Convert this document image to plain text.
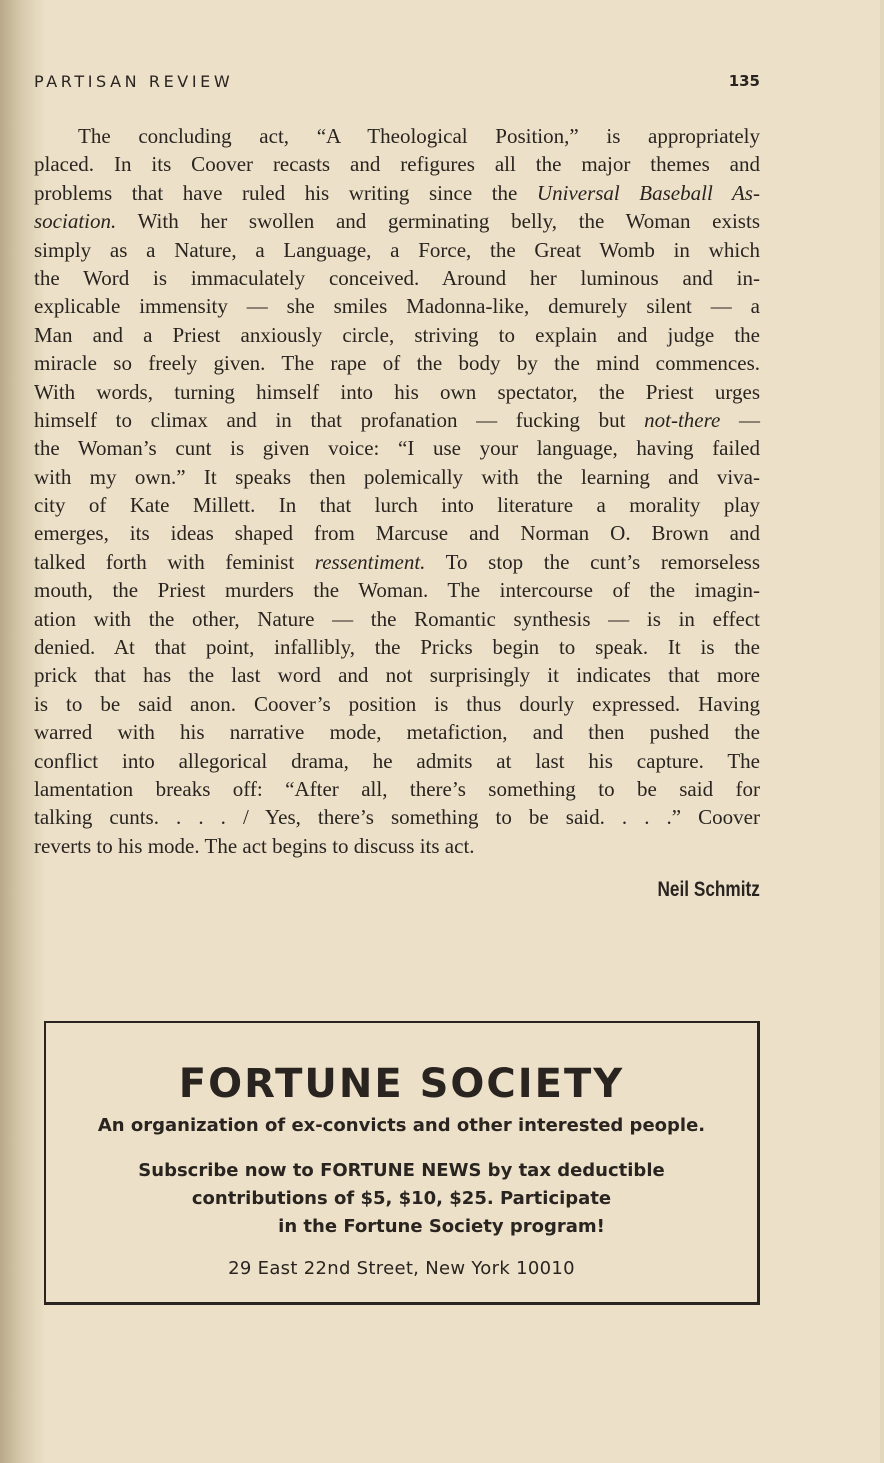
PARTISAN REVIEW	135
The concluding act, “A Theological Position,” is appropriately
placed. In its Coover recasts and refigures all the major themes and
problems that have ruled his writing since the Universal Baseball As-
sociation. With her swollen and germinating belly, the Woman exists
simply as a Nature, a Language, a Force, the Great Womb in which
the Word is immaculately conceived. Around her luminous and in-
explicable immensity — she smiles Madonna-like, demurely silent — a
Man and a Priest anxiously circle, striving to explain and judge the
miracle so freely given. The rape of the body by the mind commences.
With words, turning himself into his own spectator, the Priest urges
himself to climax and in that profanation — fucking but not-there —
the Woman’s cunt is given voice: “I use your language, having failed
with my own.” It speaks then polemically with the learning and viva-
city of Kate Millett. In that lurch into literature a morality play
emerges, its ideas shaped from Marcuse and Norman O. Brown and
talked forth with feminist ressentiment. To stop the cunt’s remorseless
mouth, the Priest murders the Woman. The intercourse of the imagin-
ation with the other, Nature — the Romantic synthesis — is in effect
denied. At that point, infallibly, the Pricks begin to speak. It is the
prick that has the last word and not surprisingly it indicates that more
is to be said anon. Coover’s position is thus dourly expressed. Having
warred with his narrative mode, metafiction, and then pushed the
conflict into allegorical drama, he admits at last his capture. The
lamentation breaks off: “After all, there’s something to be said for
talking cunts. . . . / Yes, there’s something to be said. . . .” Coover
reverts to his mode. The act begins to discuss its act.
Neil Schmitz
FORTUNE SOCIETY
An organization of ex-convicts and other interested people.
Subscribe now to FORTUNE NEWS by tax deductible
contributions of $5, $10, $25. Participate
in the Fortune Society program!
29 East 22nd Street, New York 10010
